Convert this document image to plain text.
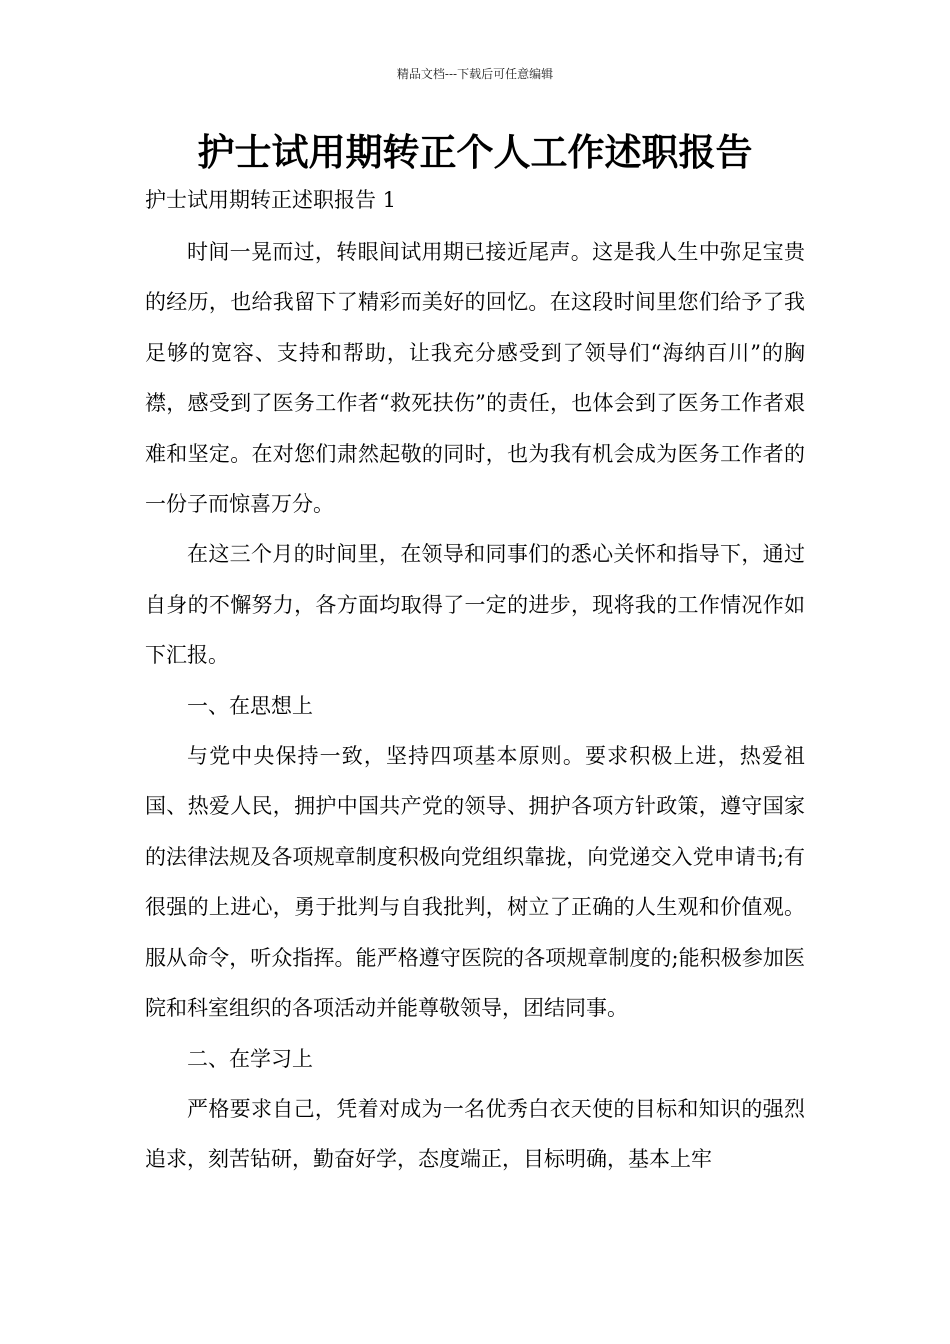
精品文档---下载后可任意编辑
护士试用期转正个人工作述职报告

护士试用期转正述职报告 1

时间一晃而过，转眼间试用期已接近尾声。这是我人生中弥足宝贵的经历，也给我留下了精彩而美好的回忆。在这段时间里您们给予了我足够的宽容、支持和帮助，让我充分感受到了领导们“海纳百川”的胸襟，感受到了医务工作者“救死扶伤”的责任，也体会到了医务工作者艰难和坚定。在对您们肃然起敬的同时，也为我有机会成为医务工作者的一份子而惊喜万分。

在这三个月的时间里，在领导和同事们的悉心关怀和指导下，通过自身的不懈努力，各方面均取得了一定的进步，现将我的工作情况作如下汇报。

一、在思想上

与党中央保持一致，坚持四项基本原则。要求积极上进，热爱祖国、热爱人民，拥护中国共产党的领导、拥护各项方针政策，遵守国家的法律法规及各项规章制度积极向党组织靠拢，向党递交入党申请书;有很强的上进心，勇于批判与自我批判，树立了正确的人生观和价值观。服从命令，听众指挥。能严格遵守医院的各项规章制度的;能积极参加医院和科室组织的各项活动并能尊敬领导，团结同事。

二、在学习上

严格要求自己，凭着对成为一名优秀白衣天使的目标和知识的强烈追求，刻苦钻研，勤奋好学，态度端正，目标明确，基本上牢
